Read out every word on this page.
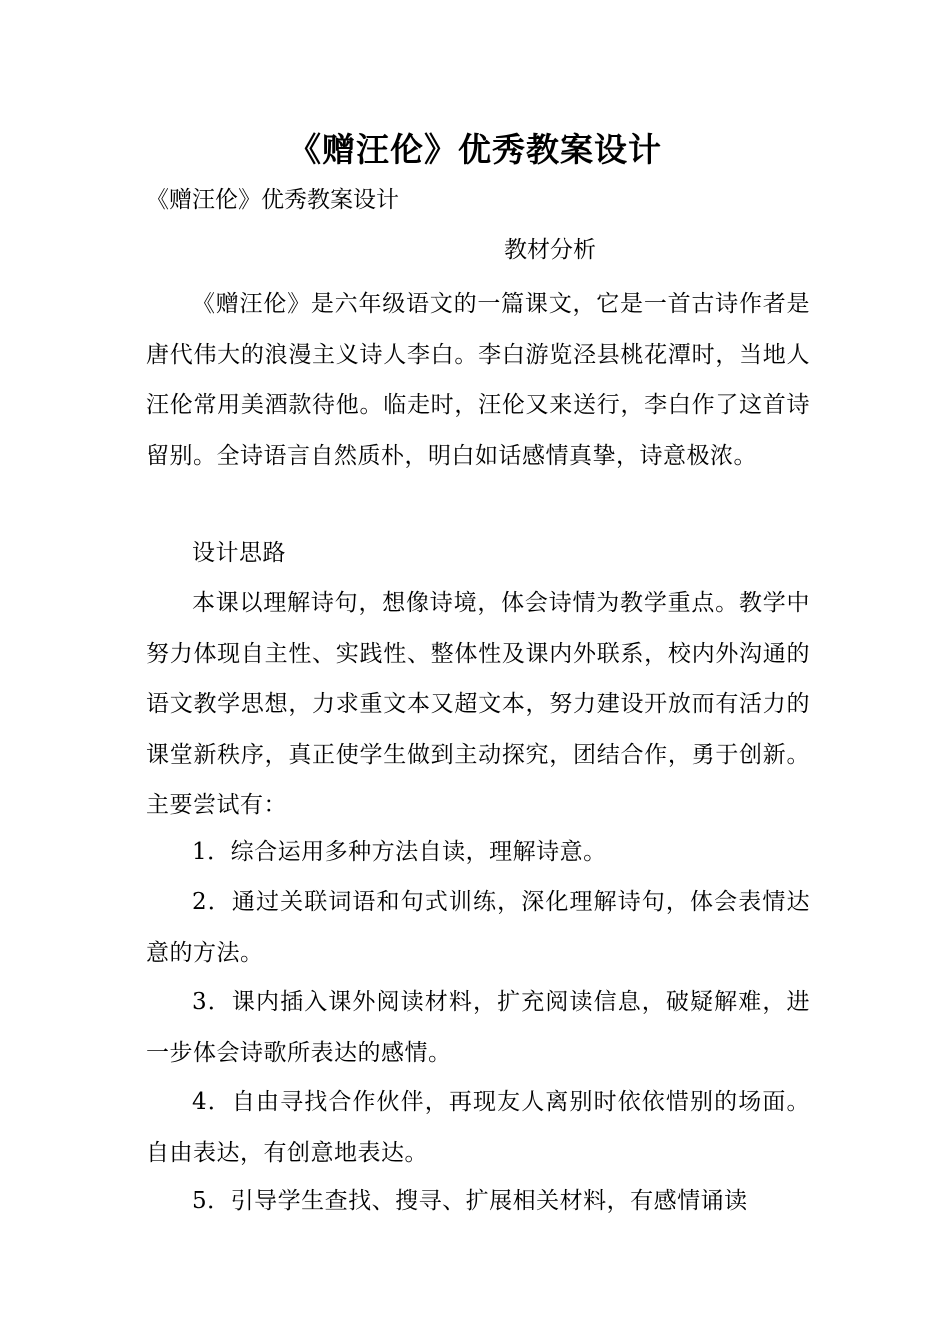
《赠汪伦》优秀教案设计
《赠汪伦》优秀教案设计
教材分析

《赠汪伦》是六年级语文的一篇课文，它是一首古诗作者是唐代伟大的浪漫主义诗人李白。李白游览泾县桃花潭时，当地人汪伦常用美酒款待他。临走时，汪伦又来送行，李白作了这首诗留别。全诗语言自然质朴，明白如话感情真挚，诗意极浓。

设计思路

本课以理解诗句，想像诗境，体会诗情为教学重点。教学中努力体现自主性、实践性、整体性及课内外联系，校内外沟通的语文教学思想，力求重文本又超文本，努力建设开放而有活力的课堂新秩序，真正使学生做到主动探究，团结合作，勇于创新。主要尝试有：

1．综合运用多种方法自读，理解诗意。

2．通过关联词语和句式训练，深化理解诗句，体会表情达意的方法。

3．课内插入课外阅读材料，扩充阅读信息，破疑解难，进一步体会诗歌所表达的感情。

4．自由寻找合作伙伴，再现友人离别时依依惜别的场面。自由表达，有创意地表达。

5．引导学生查找、搜寻、扩展相关材料，有感情诵读
